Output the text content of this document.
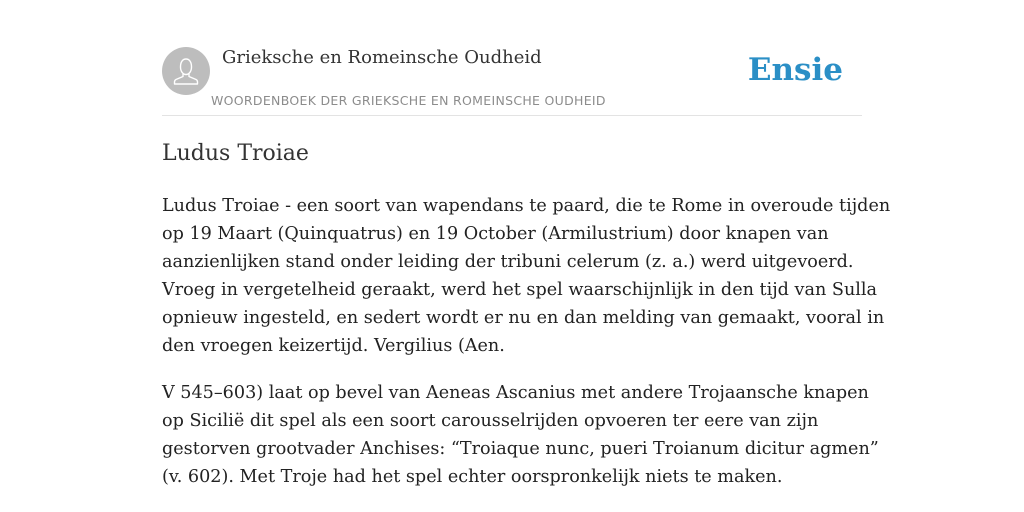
Grieksche en Romeinsche Oudheid
WOORDENBOEK DER GRIEKSCHE EN ROMEINSCHE OUDHEID
Ensie
Ludus Troiae

Ludus Troiae - een soort van wapendans te paard, die te Rome in overoude tijden
op 19 Maart (Quinquatrus) en 19 October (Armilustrium) door knapen van
aanzienlijken stand onder leiding der tribuni celerum (z. a.) werd uitgevoerd.
Vroeg in vergetelheid geraakt, werd het spel waarschijnlijk in den tijd van Sulla
opnieuw ingesteld, en sedert wordt er nu en dan melding van gemaakt, vooral in
den vroegen keizertijd. Vergilius (Aen.

V 545–603) laat op bevel van Aeneas Ascanius met andere Trojaansche knapen
op Sicilië dit spel als een soort carousselrijden opvoeren ter eere van zijn
gestorven grootvader Anchises: “Troiaque nunc, pueri Troianum dicitur agmen”
(v. 602). Met Troje had het spel echter oorspronkelijk niets te maken.
